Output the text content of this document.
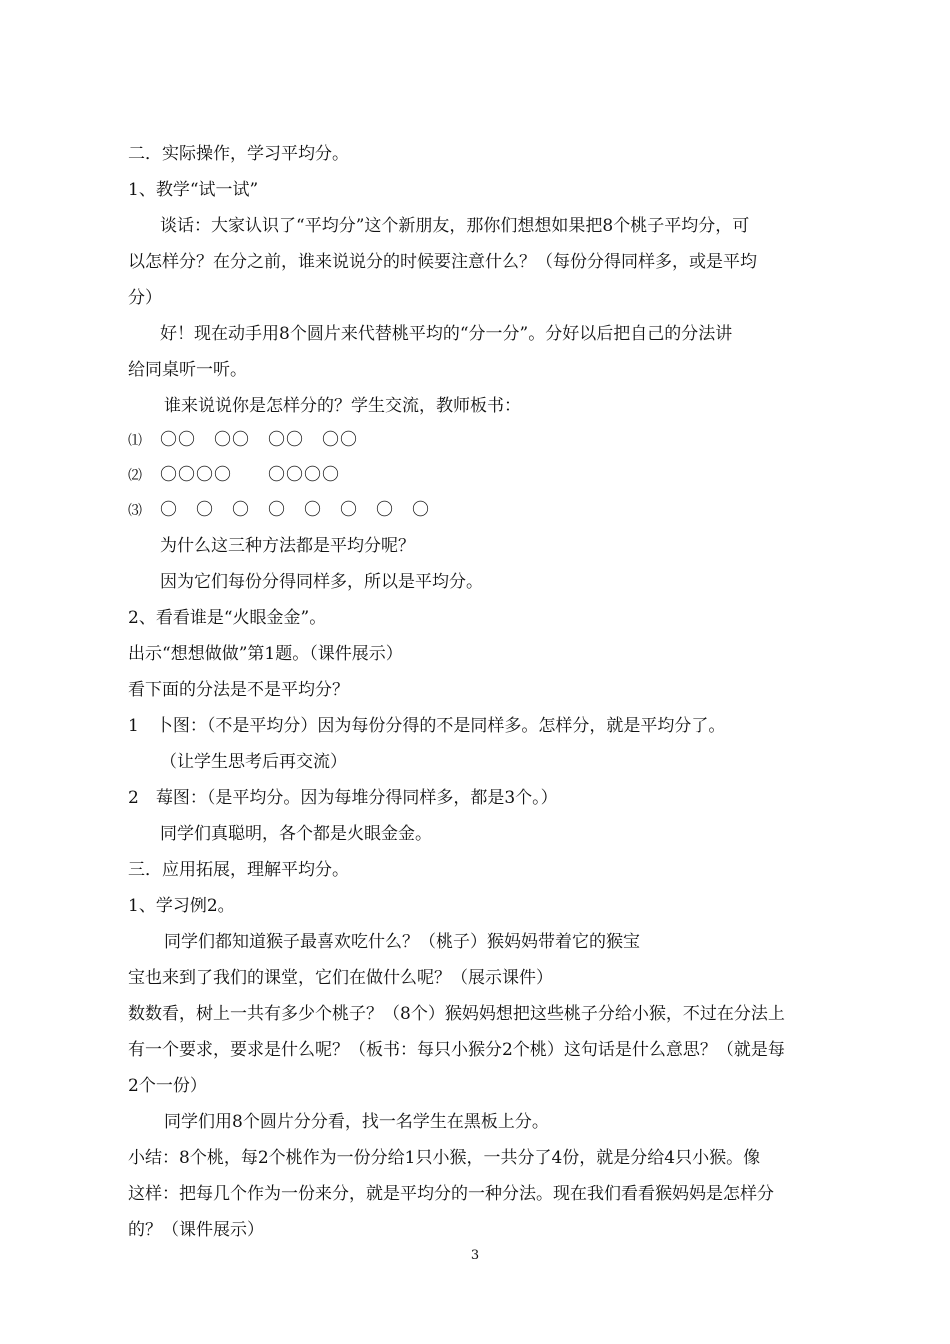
二．实际操作，学习平均分。
1、教学“试一试”
谈话：大家认识了“平均分”这个新朋友，那你们想想如果把8个桃子平均分，可
以怎样分？在分之前，谁来说说分的时候要注意什么？（每份分得同样多，或是平均
分）
好！现在动手用8个圆片来代替桃平均的“分一分”。分好以后把自己的分法讲
给同桌听一听。
谁来说说你是怎样分的？学生交流，教师板书：
⑴ 〇〇　〇〇　〇〇　〇〇
⑵ 〇〇〇〇　　〇〇〇〇
⑶ 〇　〇　〇　〇　〇　〇　〇　〇
为什么这三种方法都是平均分呢？
因为它们每份分得同样多，所以是平均分。
2、看看谁是“火眼金金”。
出示“想想做做”第1题。（课件展示）
看下面的分法是不是平均分？
1　卜图：（不是平均分）因为每份分得的不是同样多。怎样分，就是平均分了。
（让学生思考后再交流）
2　莓图：（是平均分。因为每堆分得同样多，都是3个。）
同学们真聪明，各个都是火眼金金。
三．应用拓展，理解平均分。
1、学习例2。
同学们都知道猴子最喜欢吃什么？（桃子）猴妈妈带着它的猴宝
宝也来到了我们的课堂，它们在做什么呢？（展示课件）
数数看，树上一共有多少个桃子？（8个）猴妈妈想把这些桃子分给小猴，不过在分法上
有一个要求，要求是什么呢？（板书：每只小猴分2个桃）这句话是什么意思？（就是每
2个一份）
同学们用8个圆片分分看，找一名学生在黑板上分。
小结：8个桃，每2个桃作为一份分给1只小猴，一共分了4份，就是分给4只小猴。像
这样：把每几个作为一份来分，就是平均分的一种分法。现在我们看看猴妈妈是怎样分
的？（课件展示）
3
